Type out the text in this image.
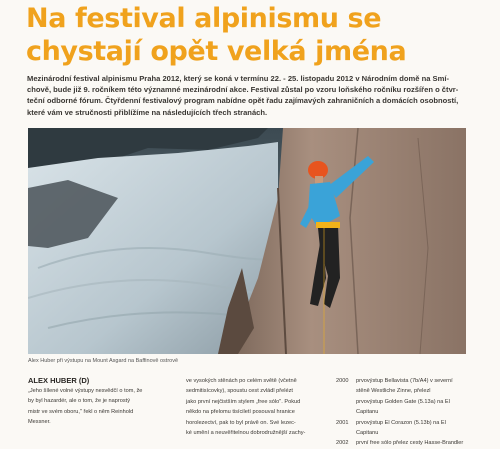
Na festival alpinismu se
chystají opět velká jména
Mezinárodní festival alpinismu Praha 2012, který se koná v termínu 22. - 25. listopadu 2012 v Národním domě na Smí-
chově, bude již 9. ročníkem této významné mezinárodní akce. Festival zůstal po vzoru loňského ročníku rozšířen o čtvr-
teční odborné fórum. Čtyřdenní festivalový program nabídne opět řadu zajímavých zahraničních a domácích osobností,
které vám ve stručnosti přiblížíme na následujících třech stranách.
Alex Huber při výstupu na Mount Asgard na Baffinově ostrově
ALEX HUBER (D)
„Jeho šílené volné výstupy nesvědčí o tom, že
by byl hazardér, ale o tom, že je naprostý
mistr ve svém oboru," řekl o něm Reinhold
Messner.
ve vysokých stěnách po celém světě (včetně
sedmitisícovky), spoustu cest zvládl přelézt
jako první nejčistším stylem „free sólo". Pokud
někdo na přelomu tisíciletí posouval hranice
horolezectví, pak to byl právě on. Své lezec-
ké umění a neuvěřitelnou dobrodružnější zachy-
2000	prvovýstup Bellavista (7b/A4) v severní stěně Westliche Zinne, přelezl
prvovýstup Golden Gate (5.13a) na El Capitanu
2001	prvovýstup El Corazon (5.13b) na El Capitanu
2002	první free sólo přelez cesty Hasse-Brandler
